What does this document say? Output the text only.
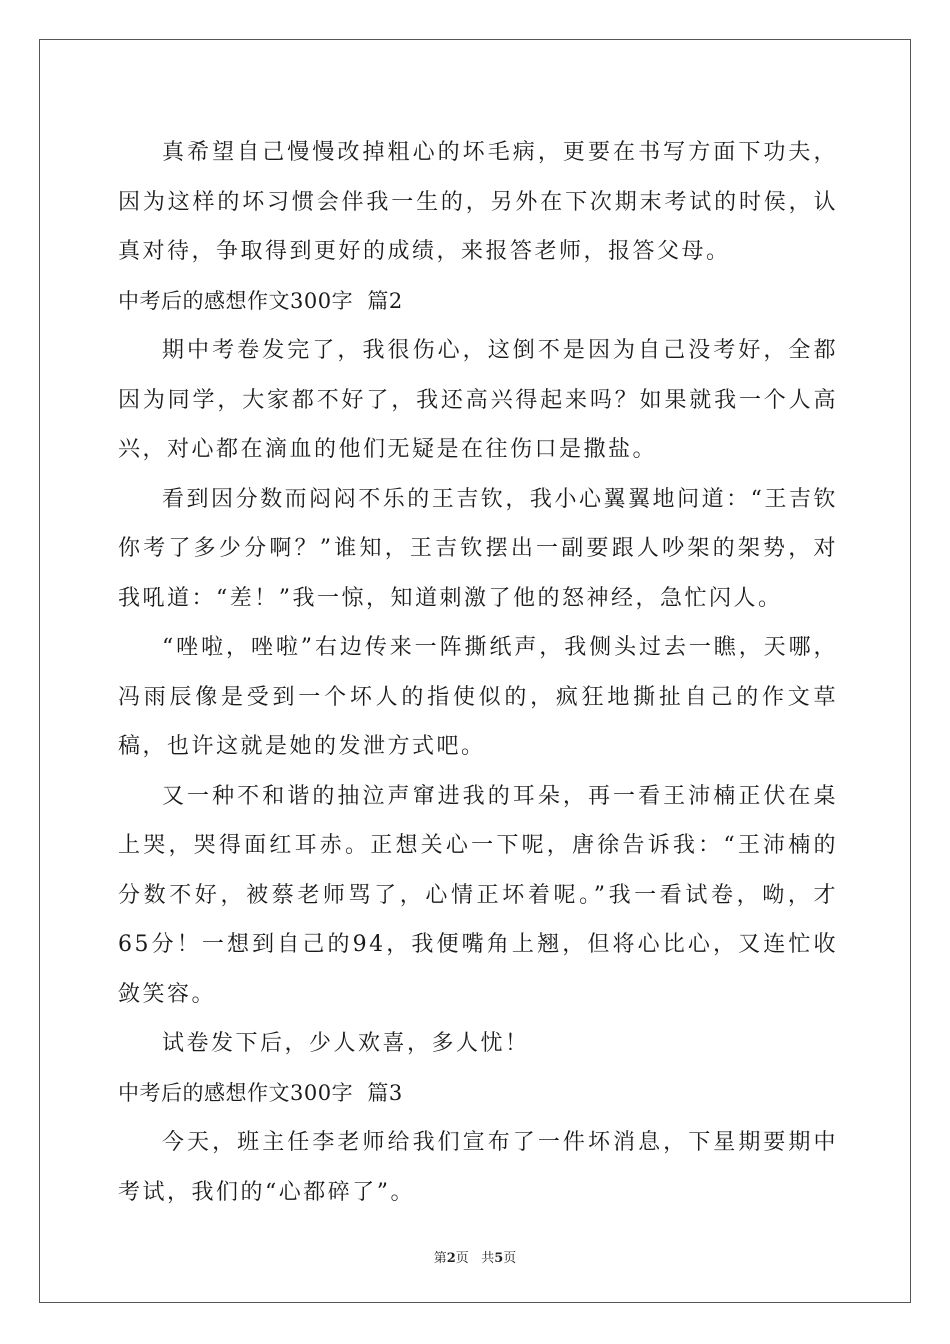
真希望自己慢慢改掉粗心的坏毛病，更要在书写方面下功夫，因为这样的坏习惯会伴我一生的，另外在下次期末考试的时侯，认真对待，争取得到更好的成绩，来报答老师，报答父母。

中考后的感想作文300字  篇2

期中考卷发完了，我很伤心，这倒不是因为自己没考好，全都因为同学，大家都不好了，我还高兴得起来吗？如果就我一个人高兴，对心都在滴血的他们无疑是在往伤口是撒盐。

看到因分数而闷闷不乐的王吉钦，我小心翼翼地问道：“王吉钦你考了多少分啊？”谁知，王吉钦摆出一副要跟人吵架的架势，对我吼道：“差！”我一惊，知道刺激了他的怒神经，急忙闪人。

“唑啦，唑啦”右边传来一阵撕纸声，我侧头过去一瞧，天哪，冯雨辰像是受到一个坏人的指使似的，疯狂地撕扯自己的作文草稿，也许这就是她的发泄方式吧。

又一种不和谐的抽泣声窜进我的耳朵，再一看王沛楠正伏在桌上哭，哭得面红耳赤。正想关心一下呢，唐徐告诉我：“王沛楠的分数不好，被蔡老师骂了，心情正坏着呢。”我一看试卷，呦，才65分！一想到自己的94，我便嘴角上翘，但将心比心，又连忙收敛笑容。

试卷发下后，少人欢喜，多人忧！

中考后的感想作文300字  篇3

今天，班主任李老师给我们宣布了一件坏消息，下星期要期中考试，我们的“心都碎了”。

第2页 共5页
